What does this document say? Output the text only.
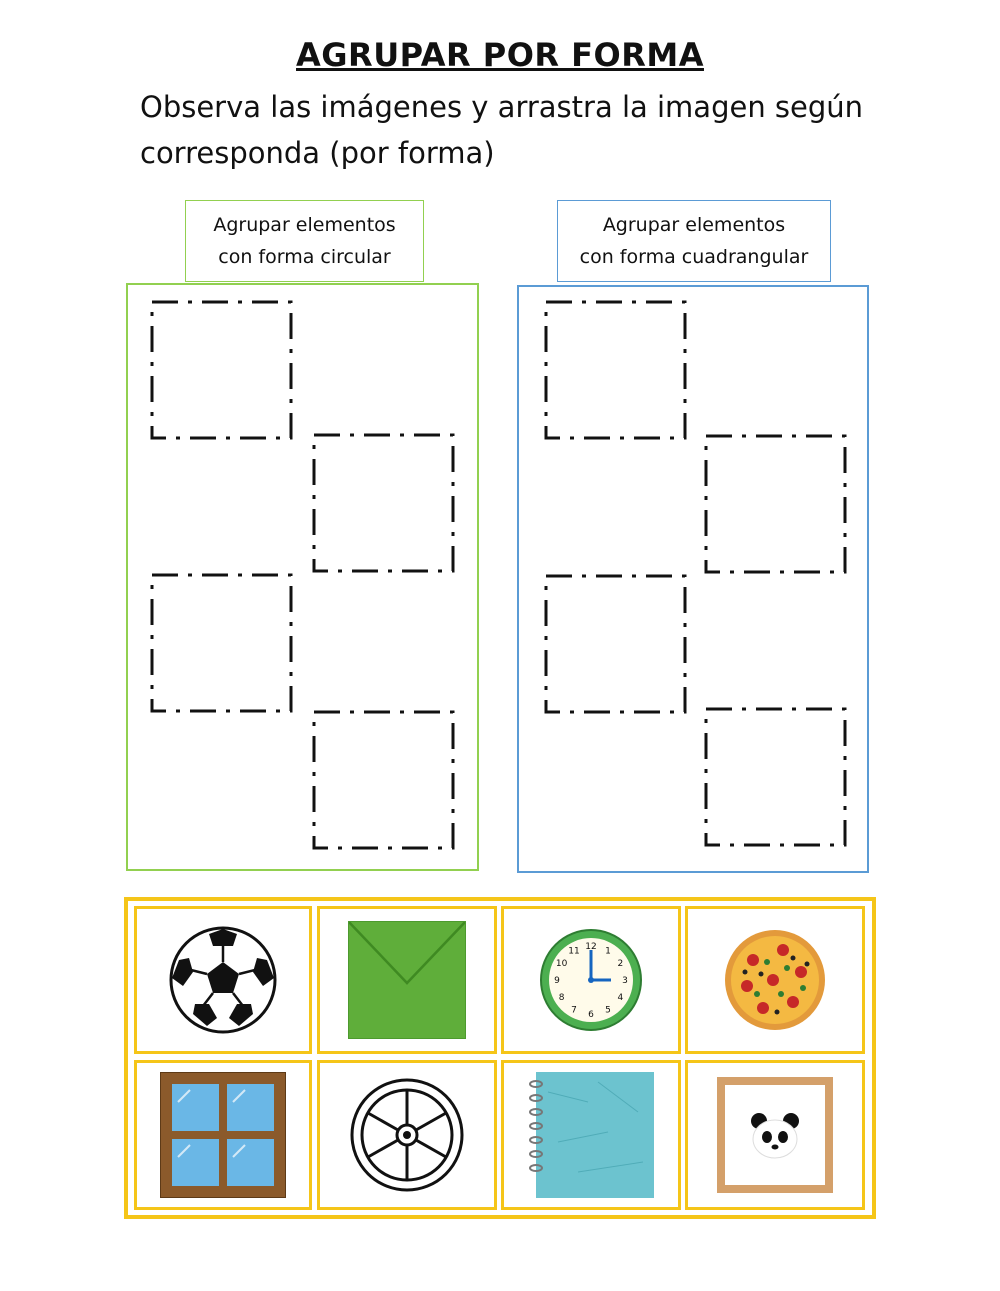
AGRUPAR POR FORMA
Observa las imágenes y arrastra la imagen según corresponda (por forma)
Agrupar elementos
con forma circular
Agrupar elementos
con forma cuadrangular
12 1
2
3
4
5
6
7
8
9
10
11
